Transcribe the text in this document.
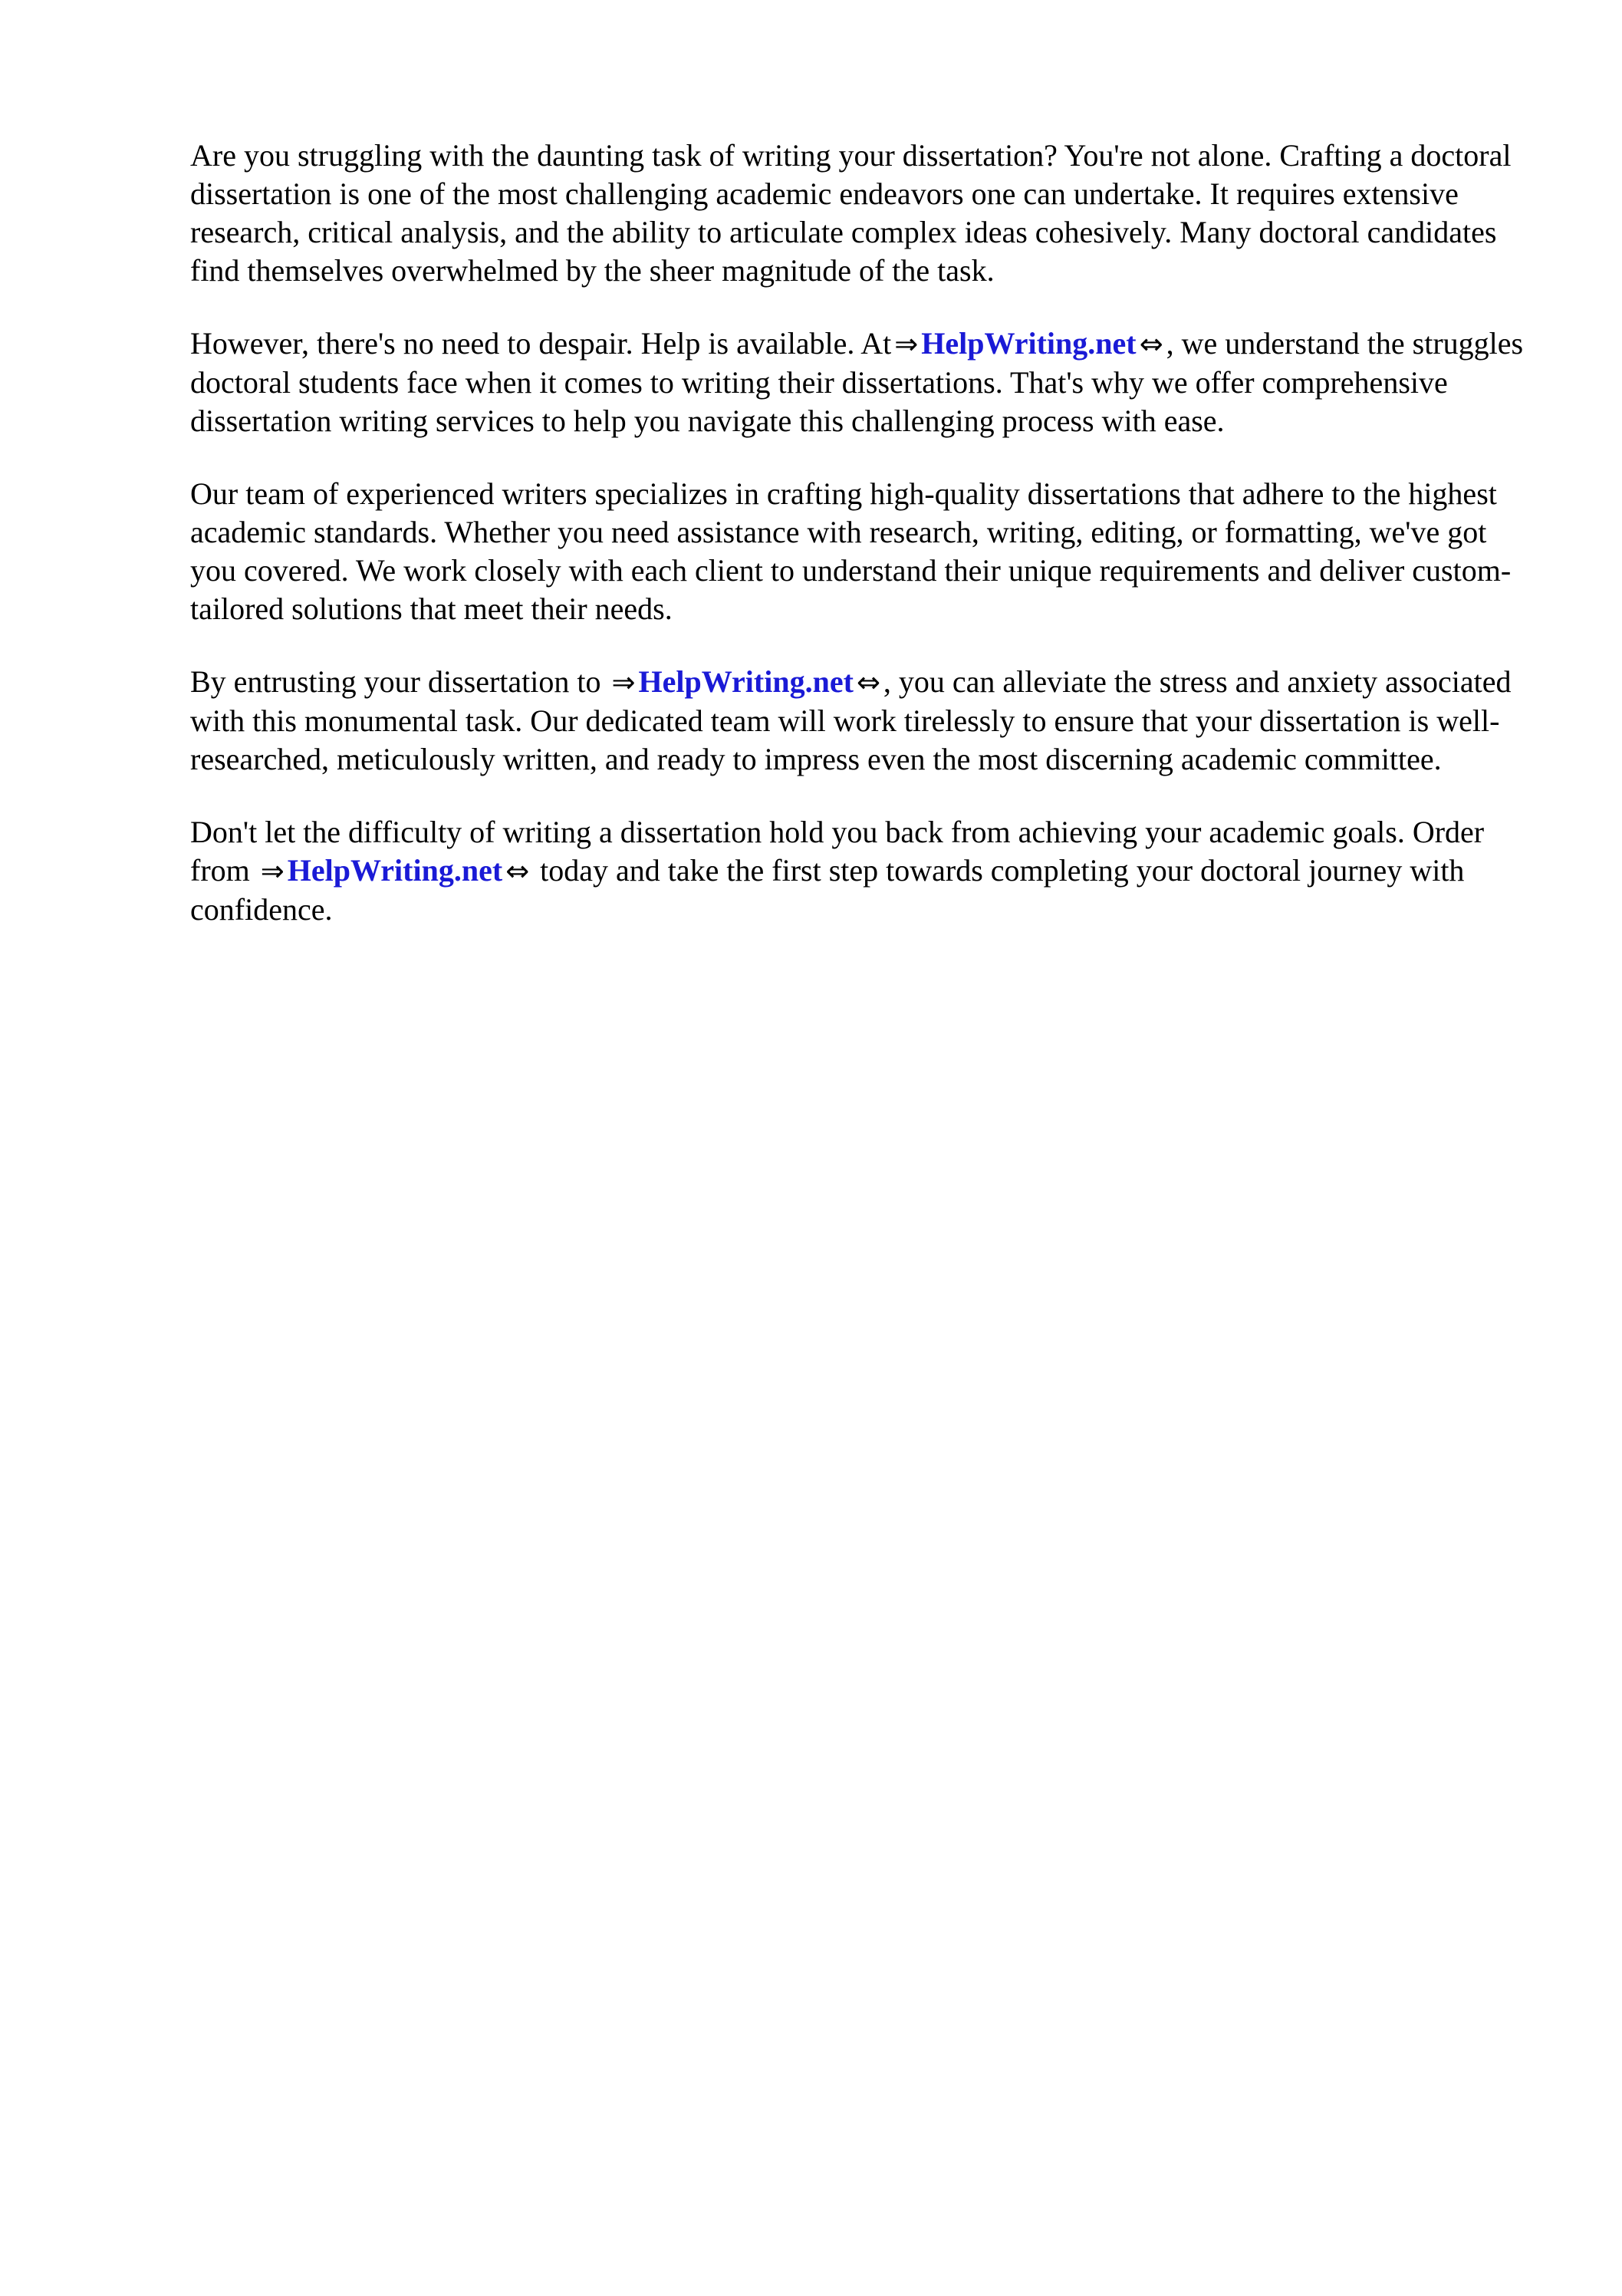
Are you struggling with the daunting task of writing your dissertation? You're not alone. Crafting a doctoral dissertation is one of the most challenging academic endeavors one can undertake. It requires extensive research, critical analysis, and the ability to articulate complex ideas cohesively. Many doctoral candidates find themselves overwhelmed by the sheer magnitude of the task.

However, there's no need to despair. Help is available. At ⇒ HelpWriting.net ⇔ , we understand the struggles doctoral students face when it comes to writing their dissertations. That's why we offer comprehensive dissertation writing services to help you navigate this challenging process with ease.

Our team of experienced writers specializes in crafting high-quality dissertations that adhere to the highest academic standards. Whether you need assistance with research, writing, editing, or formatting, we've got you covered. We work closely with each client to understand their unique requirements and deliver custom-tailored solutions that meet their needs.

By entrusting your dissertation to ⇒ HelpWriting.net ⇔ , you can alleviate the stress and anxiety associated with this monumental task. Our dedicated team will work tirelessly to ensure that your dissertation is well-researched, meticulously written, and ready to impress even the most discerning academic committee.

Don't let the difficulty of writing a dissertation hold you back from achieving your academic goals. Order from ⇒ HelpWriting.net ⇔ today and take the first step towards completing your doctoral journey with confidence.
